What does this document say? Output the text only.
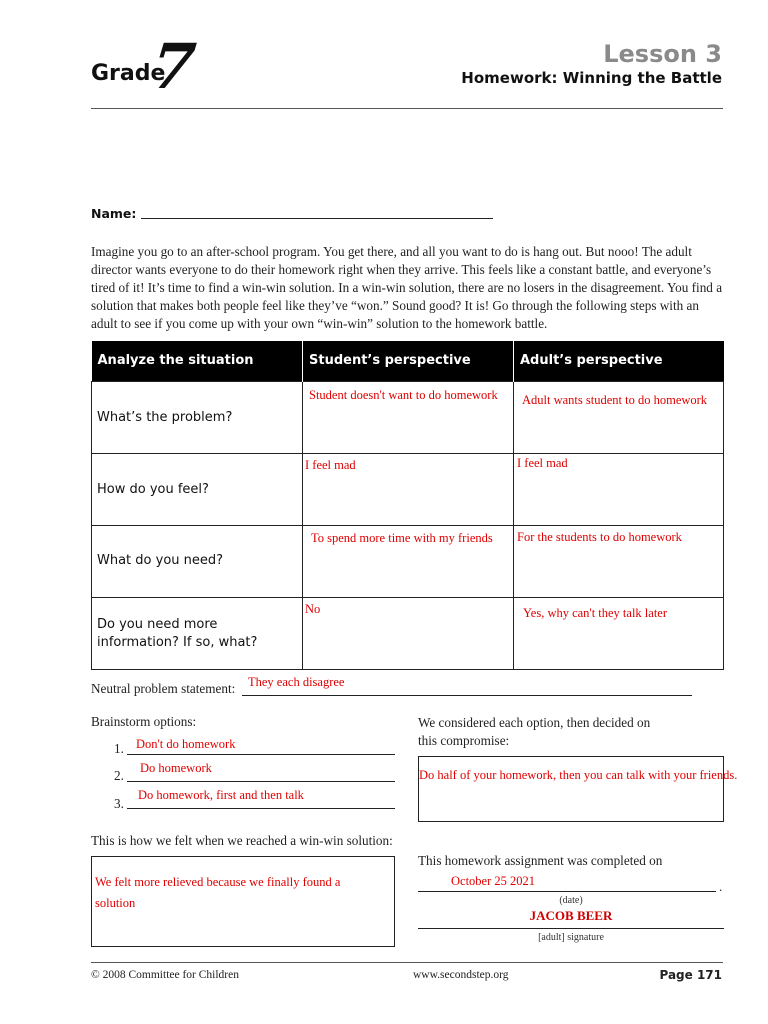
Grade
7	Lesson 3
Homework: Winning the Battle
Name:

Imagine you go to an after-school program. You get there, and all you want to do is hang out. But nooo! The adult director wants everyone to do their homework right when they arrive. This feels like a constant battle, and everyone’s tired of it! It’s time to find a win-win solution. In a win-win solution, there are no losers in the disagreement. You find a solution that makes both people feel like they’ve “won.” Sound good? It is! Go through the following steps with an adult to see if you come up with your own “win-win” solution to the homework battle.

Analyze the situation	Student’s perspective	Adult’s perspective

What’s the problem?	Student doesn't want to do homework	Adult wants student to do homework

How do you feel?	I feel mad	I feel mad

What do you need?	To spend more time with my friends	For the students to do homework

Do you need more information? If so, what?	No	Yes, why can't they talk later
Neutral problem statement: They each disagree
Brainstorm options:
1. Don't do homework
2. Do homework
3.
Do homework, first and then talk
We considered each option, then decided on this compromise:
Do half of your homework, then you can talk with your friends.
This is how we felt when we reached a win-win solution:
We felt more relieved because we finally found a solution
This homework assignment was completed on
October 25 2021	.
(date)
JACOB BEER
[adult] signature
© 2008 Committee for Children	www.secondstep.org	Page 171
